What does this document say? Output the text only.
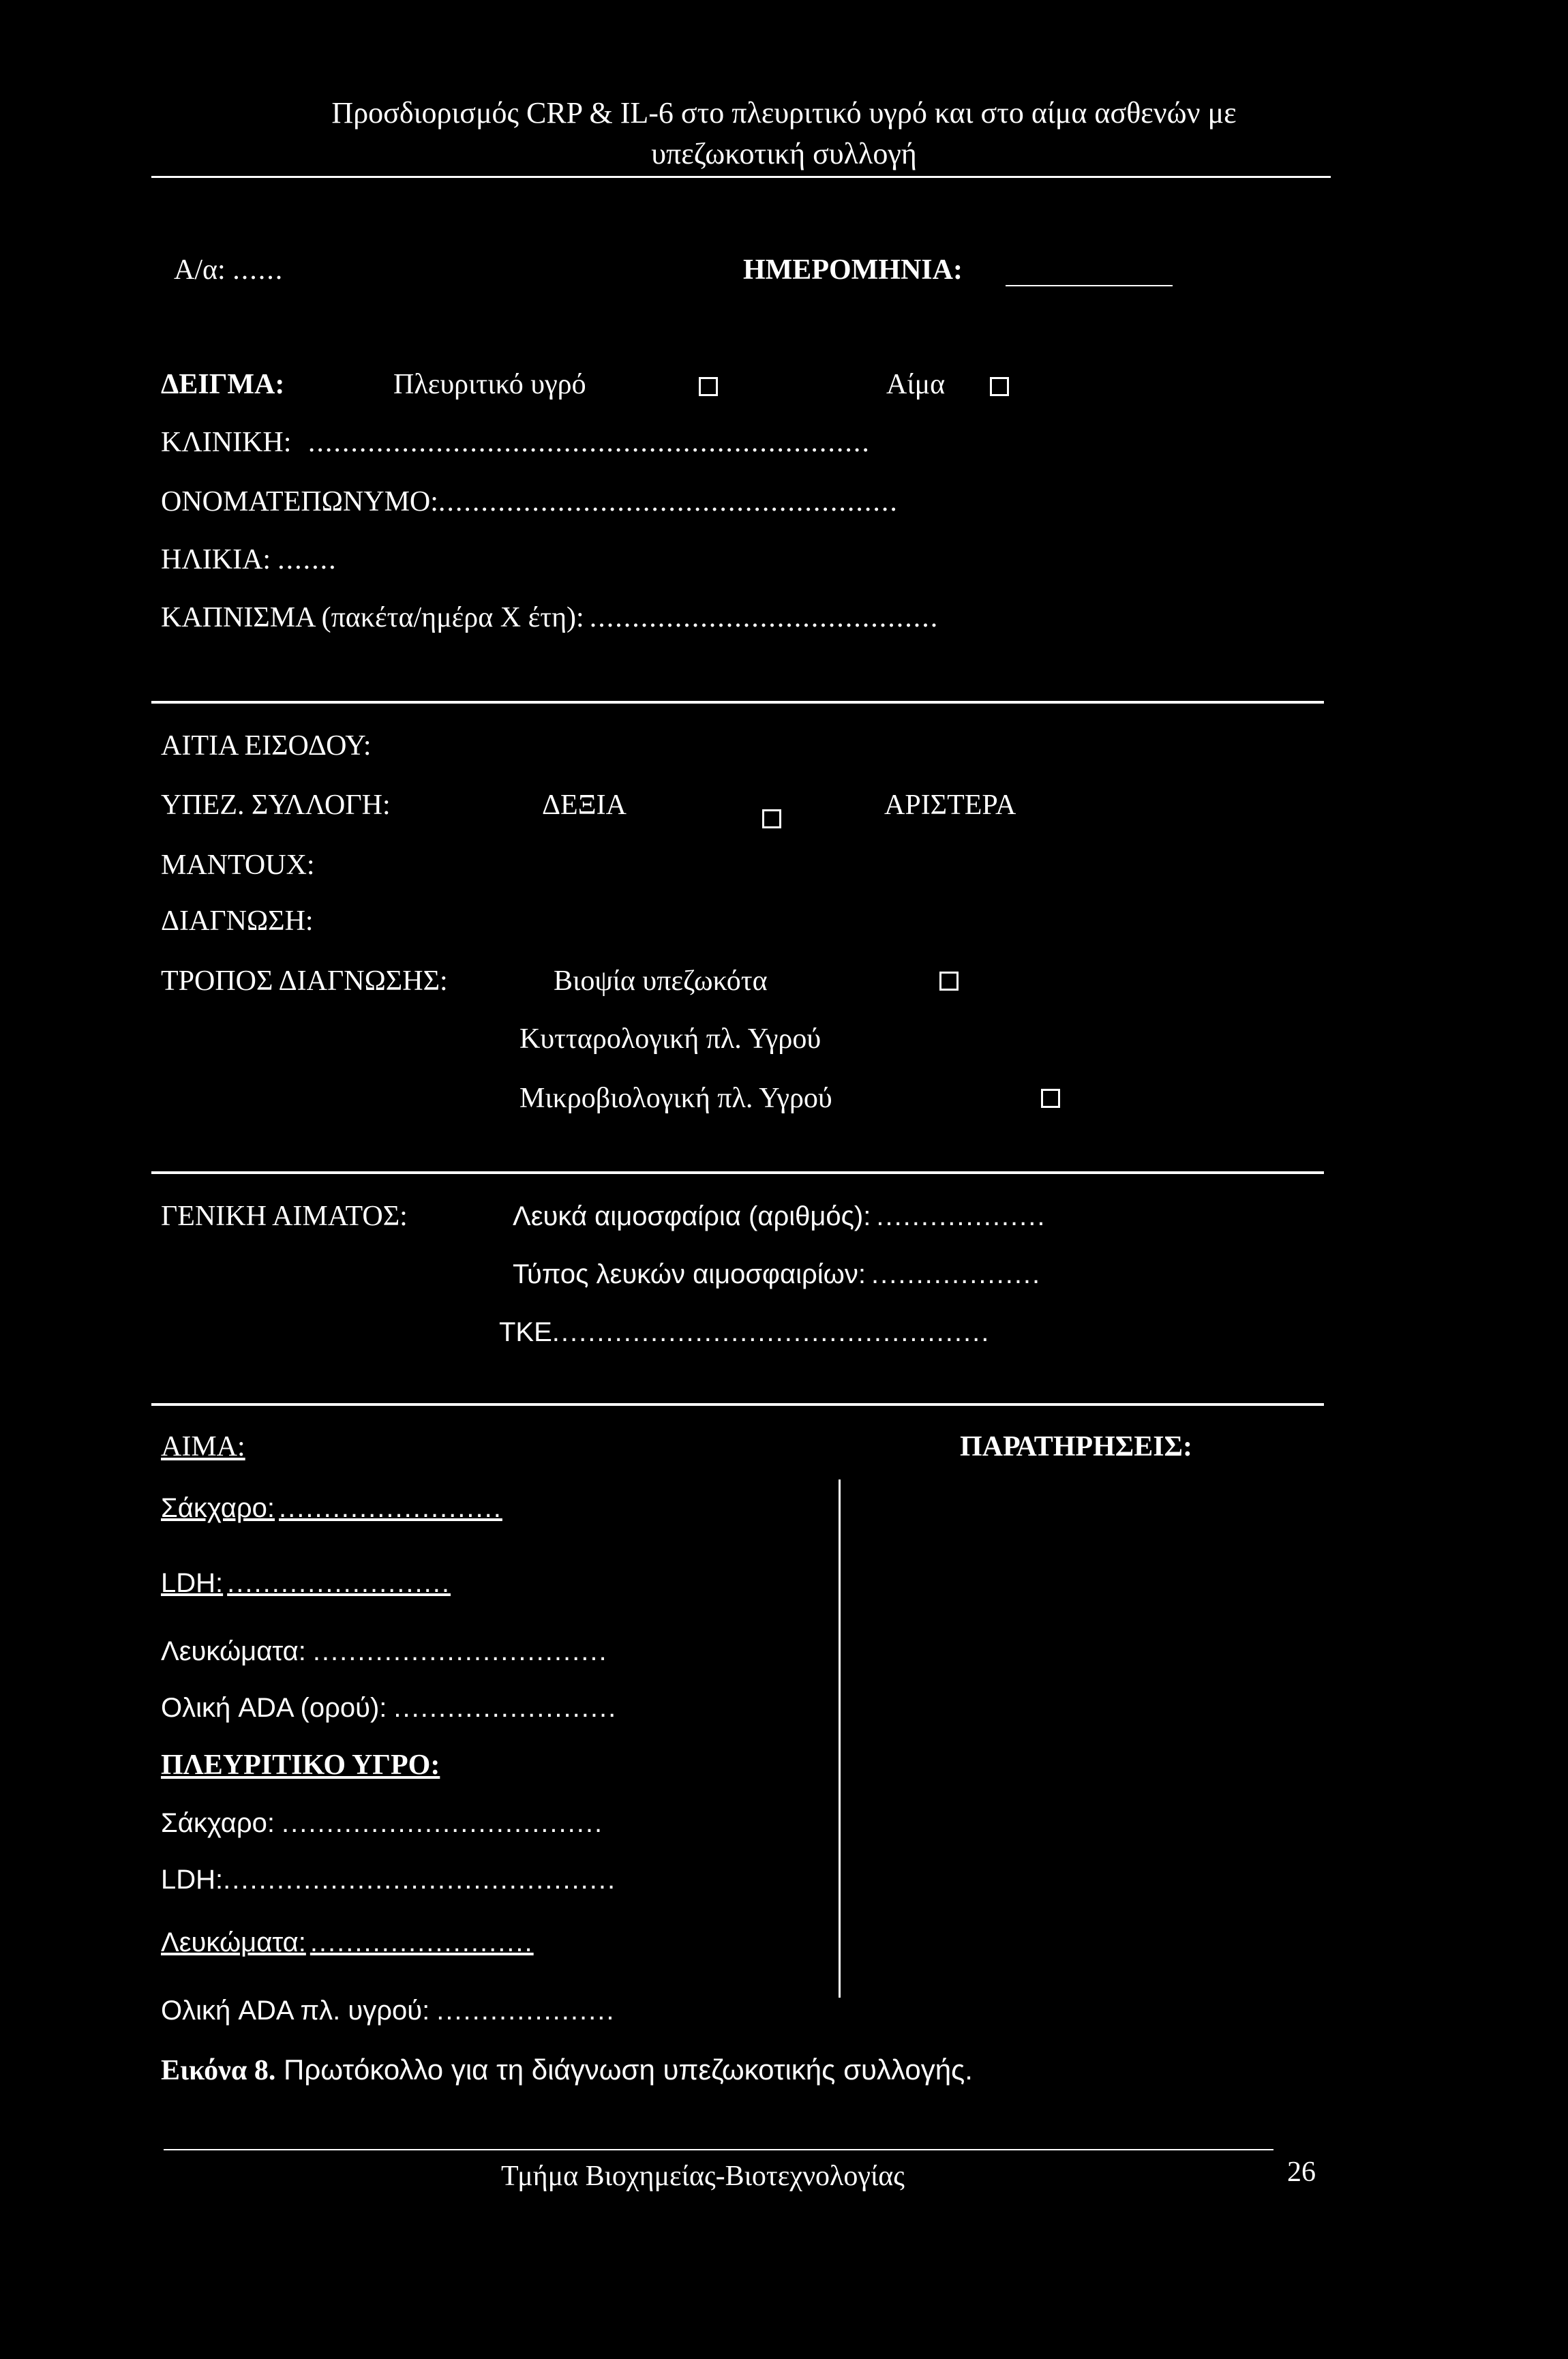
Προσδιορισμός CRP & IL-6 στο πλευριτικό υγρό και στο αίμα ασθενών με
υπεζωκοτική συλλογή
Α/α: ......	ΗΜΕΡΟΜΗΝΙΑ:
ΔΕΙΓΜΑ:	Πλευριτικό υγρό	Αίμα
ΚΛΙΝΙΚΗ: ..................................................................
ΟΝΟΜΑΤΕΠΩΝΥΜΟ:......................................................
ΗΛΙΚΙΑ: .......
ΚΑΠΝΙΣΜΑ (πακέτα/ημέρα Χ έτη): .........................................
ΑΙΤΙΑ ΕΙΣΟΔΟΥ:
ΥΠΕΖ. ΣΥΛΛΟΓΗ:	ΔΕΞΙΑ	ΑΡΙΣΤΕΡΑ
MANTOUX:
ΔΙΑΓΝΩΣΗ:
ΤΡΟΠΟΣ ΔΙΑΓΝΩΣΗΣ:	Βιοψία υπεζωκότα
Κυτταρολογική πλ. Υγρού
Μικροβιολογική πλ. Υγρού
ΓΕΝΙΚΗ ΑΙΜΑΤΟΣ:	Λευκά αιμοσφαίρια (αριθμός): ...................
Τύπος λευκών αιμοσφαιρίων: ...................
ΤΚΕ.................................................
ΑΙΜΑ:	ΠΑΡΑΤΗΡΗΣΕΙΣ:
Σάκχαρο: .........................
LDH: .........................
Λευκώματα: .................................
Ολική ADA (ορού): .........................
ΠΛΕΥΡΙΤΙΚΟ ΥΓΡΟ:
Σάκχαρο: ....................................
LDH:............................................
Λευκώματα: .........................
Ολική ADA πλ. υγρού: ....................
Εικόνα 8. Πρωτόκολλο για τη διάγνωση υπεζωκοτικής συλλογής.
Τμήμα Βιοχημείας-Βιοτεχνολογίας	26
